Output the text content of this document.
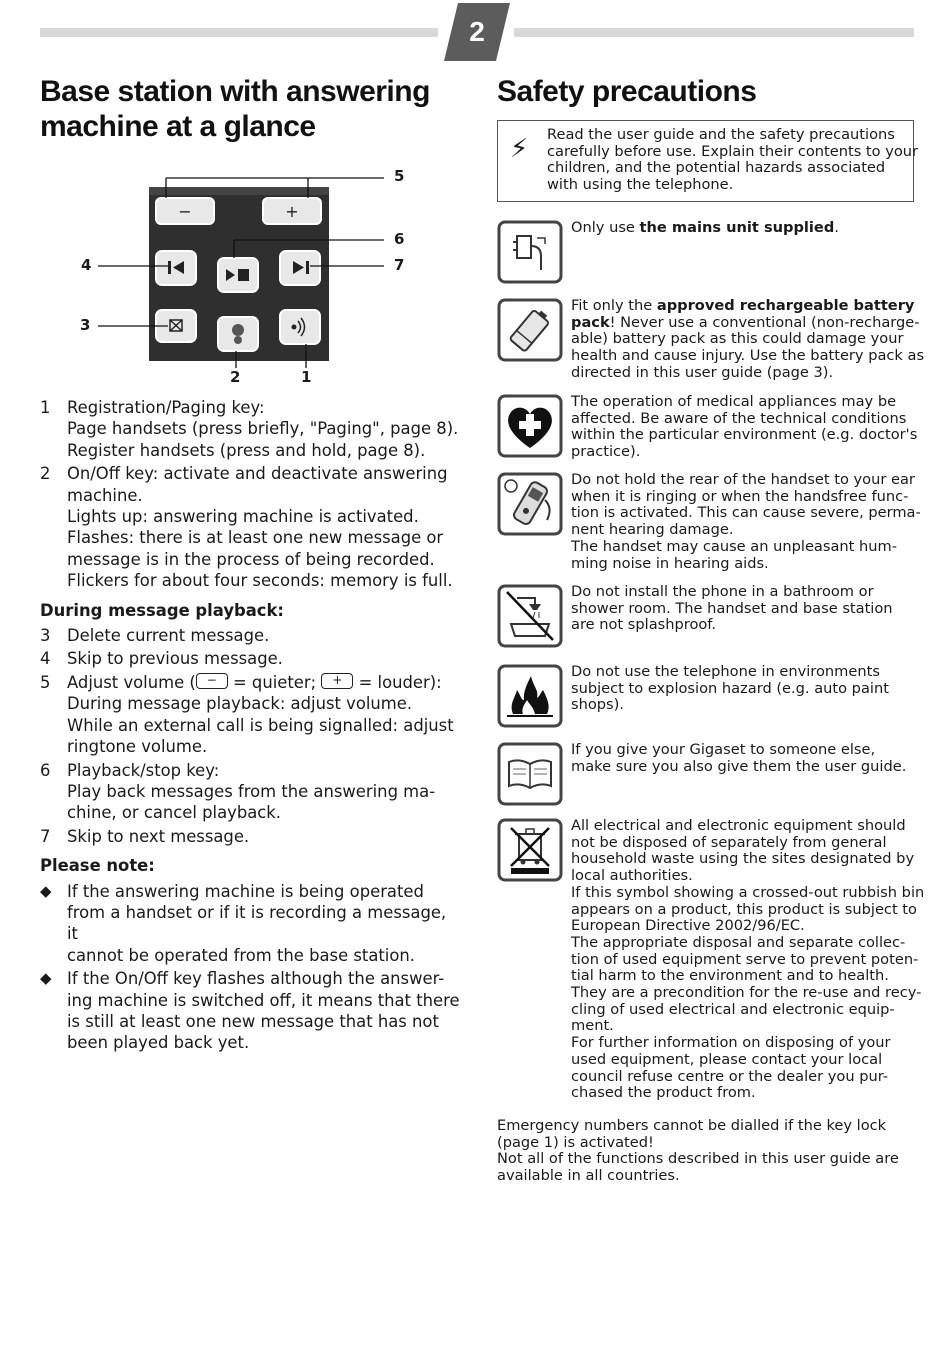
2
Base station with answering machine at a glance
Safety precautions
−	+
5
6
4	7
3
2	1
1	Registration/Paging key:
Page handsets (press briefly, "Paging", page 8).
Register handsets (press and hold, page 8).
2	On/Off key: activate and deactivate answering
machine.
Lights up: answering machine is activated.
Flashes: there is at least one new message or
message is in the process of being recorded.
Flickers for about four seconds: memory is full.
During message playback:
3	Delete current message.
4	Skip to previous message.
5	Adjust volume ( − = quieter; + = louder):
During message playback: adjust volume.
While an external call is being signalled: adjust
ringtone volume.
6	Playback/stop key:
Play back messages from the answering ma-
chine, or cancel playback.
7	Skip to next message.
Please note:
◆ If the answering machine is being operated
from a handset or if it is recording a message, it
cannot be operated from the base station.
◆ If the On/Off key flashes although the answer-
ing machine is switched off, it means that there
is still at least one new message that has not
been played back yet.
⚡ Read the user guide and the safety precautions
carefully before use. Explain their contents to your
children, and the potential hazards associated
with using the telephone.
Only use the mains unit supplied.
Fit only the approved rechargeable battery
pack! Never use a conventional (non-recharge-
able) battery pack as this could damage your
health and cause injury. Use the battery pack as
directed in this user guide (page 3).
The operation of medical appliances may be
affected. Be aware of the technical conditions
within the particular environment (e.g. doctor's
practice).
Do not hold the rear of the handset to your ear
when it is ringing or when the handsfree func-
tion is activated. This can cause severe, perma-
nent hearing damage.
The handset may cause an unpleasant hum-
ming noise in hearing aids.
Do not install the phone in a bathroom or
shower room. The handset and base station
are not splashproof.
Do not use the telephone in environments
subject to explosion hazard (e.g. auto paint
shops).
If you give your Gigaset to someone else,
make sure you also give them the user guide.
All electrical and electronic equipment should
not be disposed of separately from general
household waste using the sites designated by
local authorities.
If this symbol showing a crossed-out rubbish bin
appears on a product, this product is subject to
European Directive 2002/96/EC.
The appropriate disposal and separate collec-
tion of used equipment serve to prevent poten-
tial harm to the environment and to health.
They are a precondition for the re-use and recy-
cling of used electrical and electronic equip-
ment.
For further information on disposing of your
used equipment, please contact your local
council refuse centre or the dealer you pur-
chased the product from.
Emergency numbers cannot be dialled if the key lock
(page 1) is activated!
Not all of the functions described in this user guide are
available in all countries.
